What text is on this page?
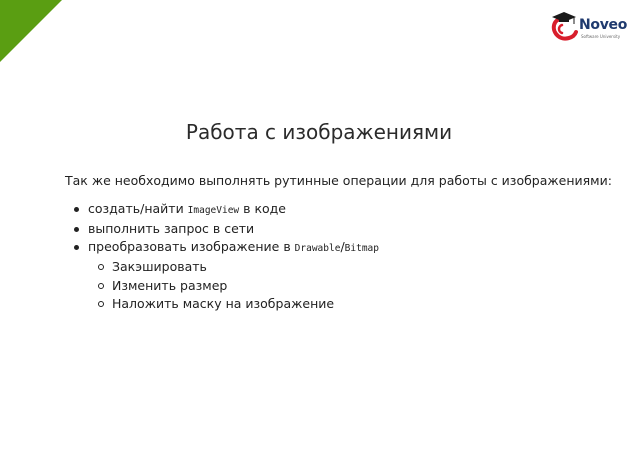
Noveo
Software University
Работа с изображениями
Так же необходимо выполнять рутинные операции для работы с изображениями:
создать/найти ImageView в коде
выполнить запрос в сети
преобразовать изображение в Drawable/Bitmap
Закэшировать
Изменить размер
Наложить маску на изображение
